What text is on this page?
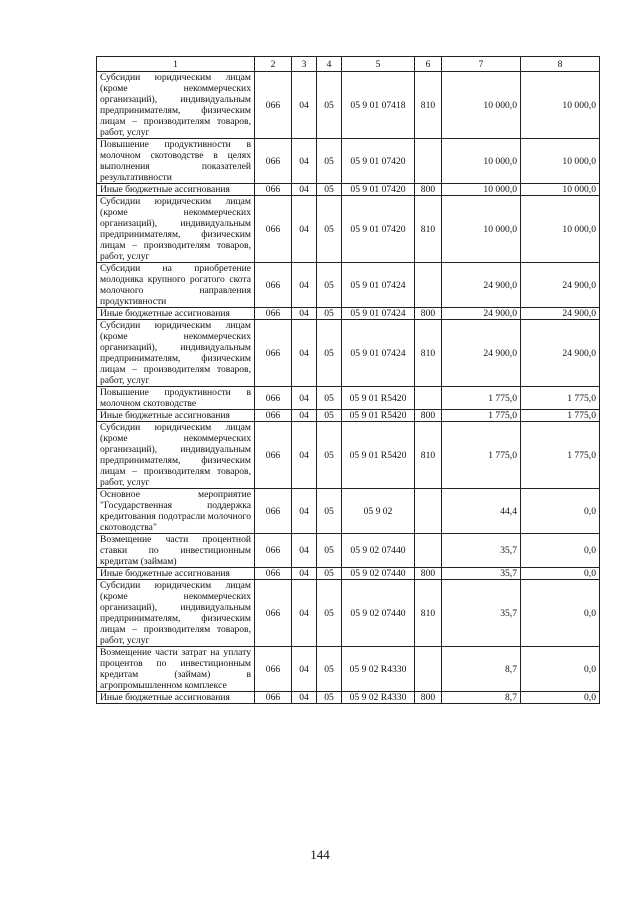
1	2	3	4	5	6	7	8
Субсидии юридическим лицам (кроме некоммерческих организаций), индивидуальным предпринимателям, физическим лицам – производителям товаров, работ, услуг	066	04	05	05 9 01 07418	810	10 000,0	10 000,0
Повышение продуктивности в молочном скотоводстве в целях выполнения показателей результативности	066	04	05	05 9 01 07420		10 000,0	10 000,0
Иные бюджетные ассигнования	066	04	05	05 9 01 07420	800	10 000,0	10 000,0
Субсидии юридическим лицам (кроме некоммерческих организаций), индивидуальным предпринимателям, физическим лицам – производителям товаров, работ, услуг	066	04	05	05 9 01 07420	810	10 000,0	10 000,0
Субсидии на приобретение молодняка крупного рогатого скота молочного направления продуктивности	066	04	05	05 9 01 07424		24 900,0	24 900,0
Иные бюджетные ассигнования	066	04	05	05 9 01 07424	800	24 900,0	24 900,0
Субсидии юридическим лицам (кроме некоммерческих организаций), индивидуальным предпринимателям, физическим лицам – производителям товаров, работ, услуг	066	04	05	05 9 01 07424	810	24 900,0	24 900,0
Повышение продуктивности в молочном скотоводстве	066	04	05	05 9 01 R5420		1 775,0	1 775,0
Иные бюджетные ассигнования	066	04	05	05 9 01 R5420	800	1 775,0	1 775,0
Субсидии юридическим лицам (кроме некоммерческих организаций), индивидуальным предпринимателям, физическим лицам – производителям товаров, работ, услуг	066	04	05	05 9 01 R5420	810	1 775,0	1 775,0
Основное мероприятие "Государственная поддержка кредитования подотрасли молочного скотоводства"	066	04	05	05 9 02		44,4	0,0
Возмещение части процентной ставки по инвестиционным кредитам (займам)	066	04	05	05 9 02 07440		35,7	0,0
Иные бюджетные ассигнования	066	04	05	05 9 02 07440	800	35,7	0,0
Субсидии юридическим лицам (кроме некоммерческих организаций), индивидуальным предпринимателям, физическим лицам – производителям товаров, работ, услуг	066	04	05	05 9 02 07440	810	35,7	0,0
Возмещение части затрат на уплату процентов по инвестиционным кредитам (займам) в агропромышленном комплексе	066	04	05	05 9 02 R4330		8,7	0,0
Иные бюджетные ассигнования	066	04	05	05 9 02 R4330	800	8,7	0,0
144
